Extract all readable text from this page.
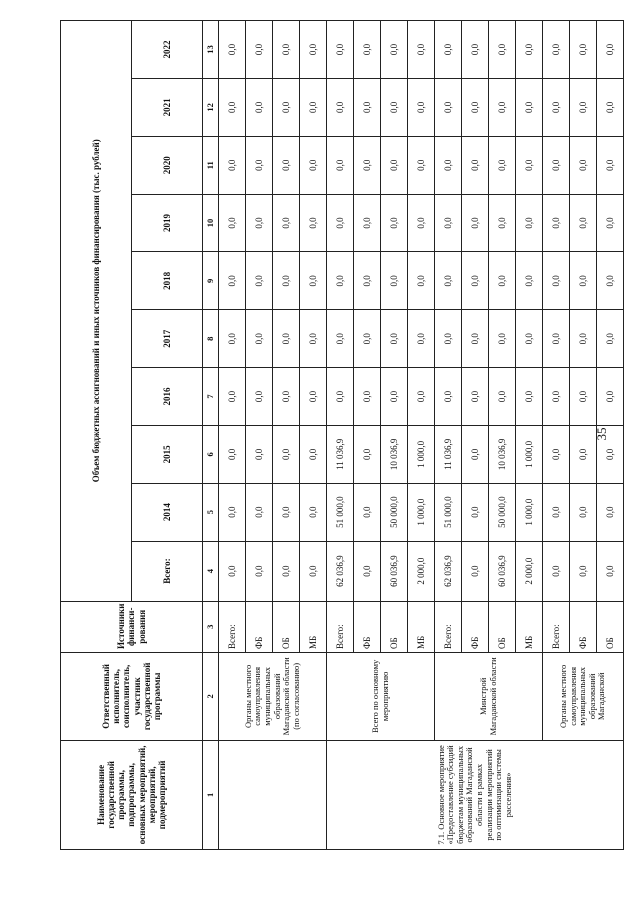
35
Наименование государственной программы, подпрограммы, основных мероприятий, мероприятий, подмероприятий	Ответственный исполнитель, соисполнитель, участник государственной программы	Источники финанси-рования	Объем бюджетных ассигнований и иных источников финансирования (тыс. рублей)									
			Всего:	2014	2015	2016	2017	2018	2019	2020	2021	2022
1	2	3	4	5	6	7	8	9	10	11	12	13
	Органы местного самоуправления муниципальных образований Магаданской области (по согласованию)	Всего:	0,0	0,0	0,0	0,0	0,0	0,0	0,0	0,0	0,0	0,0
		ФБ	0,0	0,0	0,0	0,0	0,0	0,0	0,0	0,0	0,0	0,0
		ОБ	0,0	0,0	0,0	0,0	0,0	0,0	0,0	0,0	0,0	0,0
		МБ	0,0	0,0	0,0	0,0	0,0	0,0	0,0	0,0	0,0	0,0
7.1. Основное мероприятие «Предоставление субсидий бюджетам муниципальных образований Магаданской области в рамках реализации мероприятий по оптимизации системы расселения»	Всего по основному мероприятию	Всего:	62 036,9	51 000,0	11 036,9	0,0	0,0	0,0	0,0	0,0	0,0	0,0
		ФБ	0,0	0,0	0,0	0,0	0,0	0,0	0,0	0,0	0,0	0,0
		ОБ	60 036,9	50 000,0	10 036,9	0,0	0,0	0,0	0,0	0,0	0,0	0,0
		МБ	2 000,0	1 000,0	1 000,0	0,0	0,0	0,0	0,0	0,0	0,0	0,0
	Минстрой Магаданской области	Всего:	62 036,9	51 000,0	11 036,9	0,0	0,0	0,0	0,0	0,0	0,0	0,0
		ФБ	0,0	0,0	0,0	0,0	0,0	0,0	0,0	0,0	0,0	0,0
		ОБ	60 036,9	50 000,0	10 036,9	0,0	0,0	0,0	0,0	0,0	0,0	0,0
		МБ	2 000,0	1 000,0	1 000,0	0,0	0,0	0,0	0,0	0,0	0,0	0,0
	Органы местного самоуправления муниципальных образований Магаданской	Всего:	0,0	0,0	0,0	0,0	0,0	0,0	0,0	0,0	0,0	0,0
		ФБ	0,0	0,0	0,0	0,0	0,0	0,0	0,0	0,0	0,0	0,0
		ОБ	0,0	0,0	0,0	0,0	0,0	0,0	0,0	0,0	0,0	0,0
